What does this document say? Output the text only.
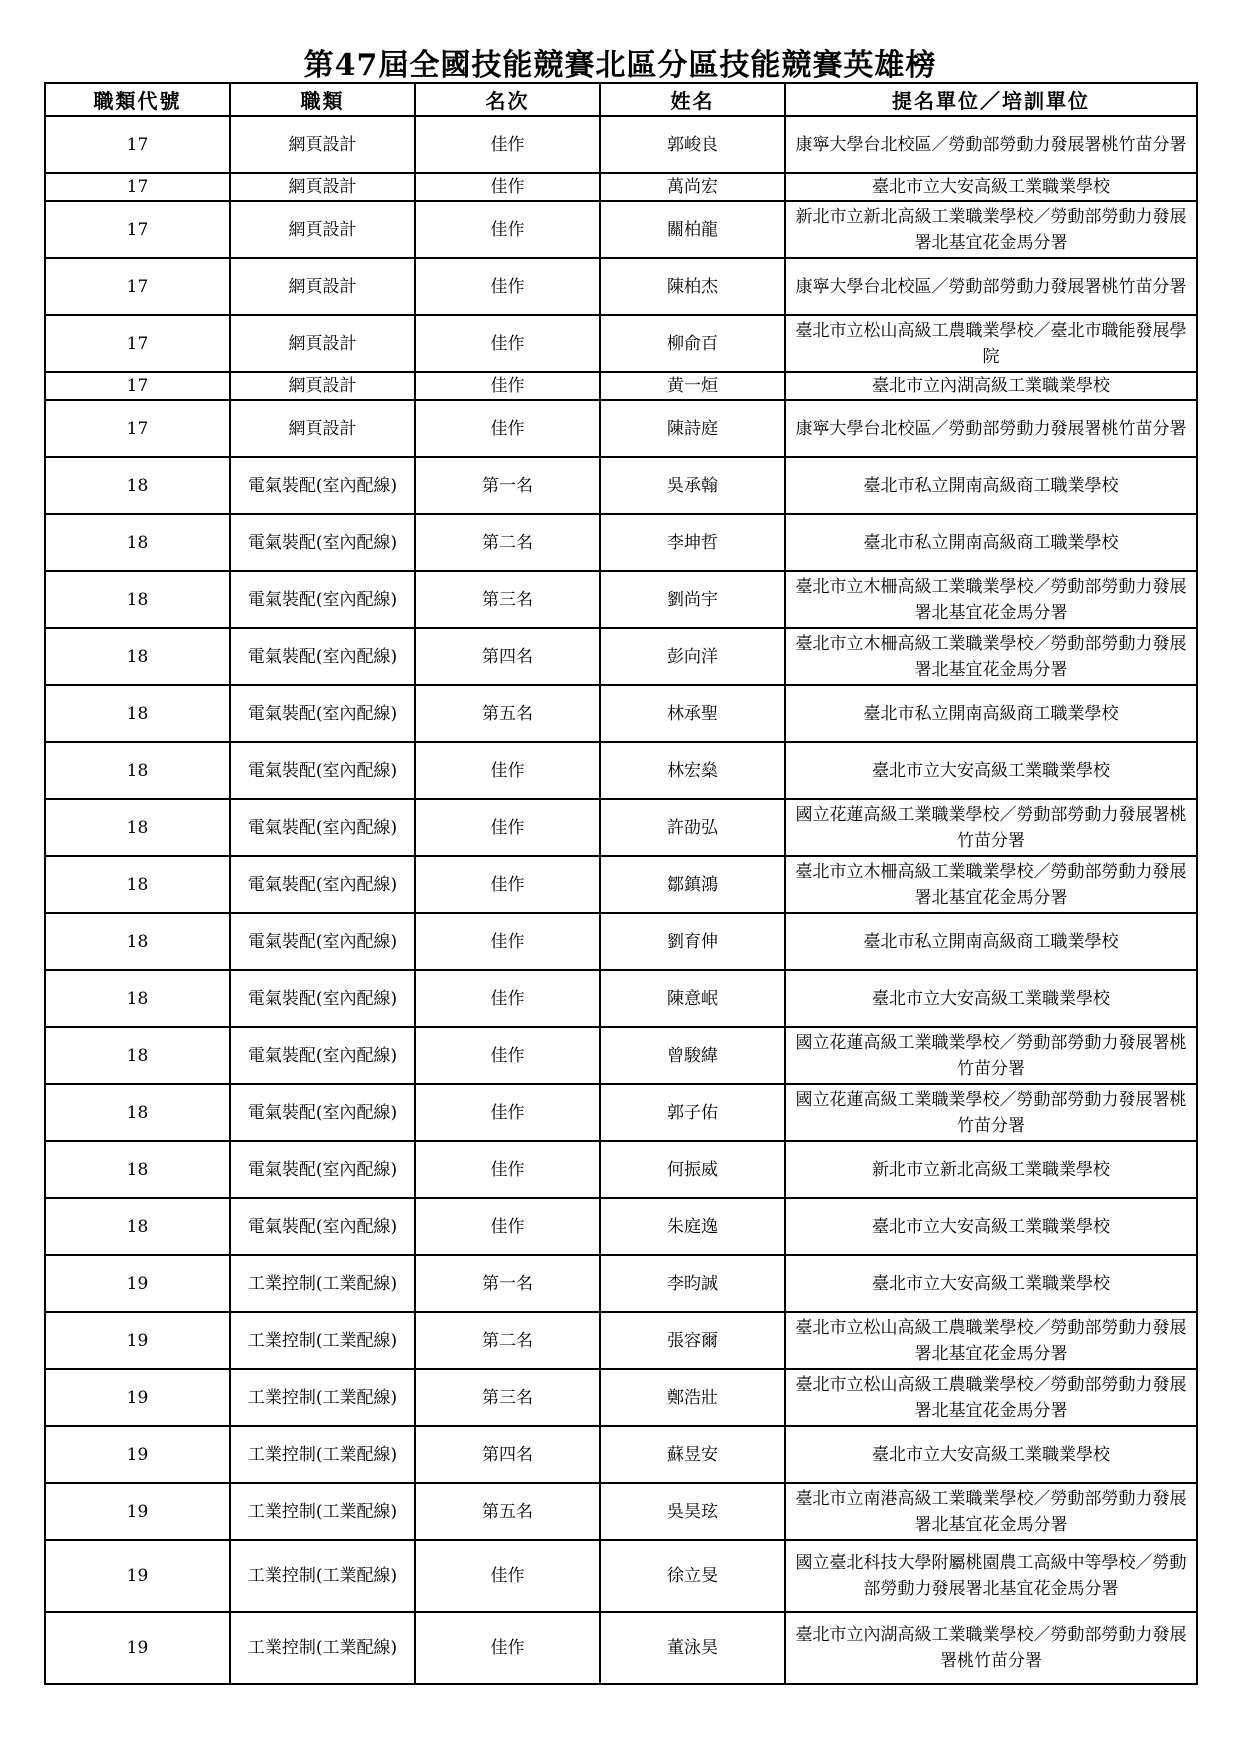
第47屆全國技能競賽北區分區技能競賽英雄榜
職類代號	職類	名次	姓名	提名單位／培訓單位
17	網頁設計	佳作	郭峻良	康寧大學台北校區／勞動部勞動力發展署桃竹苗分署
17	網頁設計	佳作	萬尚宏	臺北市立大安高級工業職業學校
17	網頁設計	佳作	關柏龍	新北市立新北高級工業職業學校／勞動部勞動力發展署北基宜花金馬分署
17	網頁設計	佳作	陳柏杰	康寧大學台北校區／勞動部勞動力發展署桃竹苗分署
17	網頁設計	佳作	柳俞百	臺北市立松山高級工農職業學校／臺北市職能發展學院
17	網頁設計	佳作	黄一烜	臺北市立內湖高級工業職業學校
17	網頁設計	佳作	陳詩庭	康寧大學台北校區／勞動部勞動力發展署桃竹苗分署
18	電氣裝配(室內配線)	第一名	吳承翰	臺北市私立開南高級商工職業學校
18	電氣裝配(室內配線)	第二名	李坤哲	臺北市私立開南高級商工職業學校
18	電氣裝配(室內配線)	第三名	劉尚宇	臺北市立木柵高級工業職業學校／勞動部勞動力發展署北基宜花金馬分署
18	電氣裝配(室內配線)	第四名	彭向洋	臺北市立木柵高級工業職業學校／勞動部勞動力發展署北基宜花金馬分署
18	電氣裝配(室內配線)	第五名	林承聖	臺北市私立開南高級商工職業學校
18	電氣裝配(室內配線)	佳作	林宏燊	臺北市立大安高級工業職業學校
18	電氣裝配(室內配線)	佳作	許劭弘	國立花蓮高級工業職業學校／勞動部勞動力發展署桃竹苗分署
18	電氣裝配(室內配線)	佳作	鄒鎮鴻	臺北市立木柵高級工業職業學校／勞動部勞動力發展署北基宜花金馬分署
18	電氣裝配(室內配線)	佳作	劉育伸	臺北市私立開南高級商工職業學校
18	電氣裝配(室內配線)	佳作	陳意岷	臺北市立大安高級工業職業學校
18	電氣裝配(室內配線)	佳作	曾駿緯	國立花蓮高級工業職業學校／勞動部勞動力發展署桃竹苗分署
18	電氣裝配(室內配線)	佳作	郭子佑	國立花蓮高級工業職業學校／勞動部勞動力發展署桃竹苗分署
18	電氣裝配(室內配線)	佳作	何振威	新北市立新北高級工業職業學校
18	電氣裝配(室內配線)	佳作	朱庭逸	臺北市立大安高級工業職業學校
19	工業控制(工業配線)	第一名	李昀誠	臺北市立大安高級工業職業學校
19	工業控制(工業配線)	第二名	張容爾	臺北市立松山高級工農職業學校／勞動部勞動力發展署北基宜花金馬分署
19	工業控制(工業配線)	第三名	鄭浩壯	臺北市立松山高級工農職業學校／勞動部勞動力發展署北基宜花金馬分署
19	工業控制(工業配線)	第四名	蘇昱安	臺北市立大安高級工業職業學校
19	工業控制(工業配線)	第五名	吳昊玹	臺北市立南港高級工業職業學校／勞動部勞動力發展署北基宜花金馬分署
19	工業控制(工業配線)	佳作	徐立旻	國立臺北科技大學附屬桃園農工高級中等學校／勞動部勞動力發展署北基宜花金馬分署
19	工業控制(工業配線)	佳作	董泳昊	臺北市立內湖高級工業職業學校／勞動部勞動力發展署桃竹苗分署
